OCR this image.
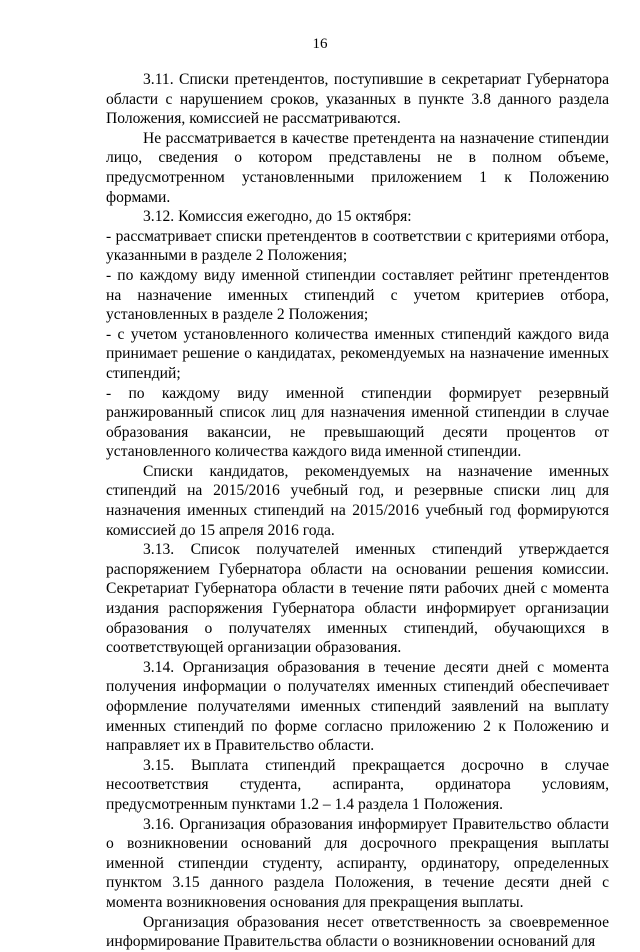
16

3.11. Списки претендентов, поступившие в секретариат Губернатора области с нарушением сроков, указанных в пункте 3.8 данного раздела Положения, комиссией не рассматриваются.

Не рассматривается в качестве претендента на назначение стипендии лицо, сведения о котором представлены не в полном объеме, предусмотренном установленными приложением 1 к Положению формами.

3.12. Комиссия ежегодно, до 15 октября:

- рассматривает списки претендентов в соответствии с критериями отбора, указанными в разделе 2 Положения;

- по каждому виду именной стипендии составляет рейтинг претендентов на назначение именных стипендий с учетом критериев отбора, установленных в разделе 2 Положения;

- с учетом установленного количества именных стипендий каждого вида принимает решение о кандидатах, рекомендуемых на назначение именных стипендий;

- по каждому виду именной стипендии формирует резервный ранжированный список лиц для назначения именной стипендии в случае образования вакансии, не превышающий десяти процентов от установленного количества каждого вида именной стипендии.

Списки кандидатов, рекомендуемых на назначение именных стипендий на 2015/2016 учебный год, и резервные списки лиц для назначения именных стипендий на 2015/2016 учебный год формируются комиссией до 15 апреля 2016 года.

3.13. Список получателей именных стипендий утверждается распоряжением Губернатора области на основании решения комиссии. Секретариат Губернатора области в течение пяти рабочих дней с момента издания распоряжения Губернатора области информирует организации образования о получателях именных стипендий, обучающихся в соответствующей организации образования.

3.14. Организация образования в течение десяти дней с момента получения информации о получателях именных стипендий обеспечивает оформление получателями именных стипендий заявлений на выплату именных стипендий по форме согласно приложению 2 к Положению и направляет их в Правительство области.

3.15. Выплата стипендий прекращается досрочно в случае несоответствия студента, аспиранта, ординатора условиям, предусмотренным пунктами 1.2 – 1.4 раздела 1 Положения.

3.16. Организация образования информирует Правительство области о возникновении оснований для досрочного прекращения выплаты именной стипендии студенту, аспиранту, ординатору, определенных пунктом 3.15 данного раздела Положения, в течение десяти дней с момента возникновения основания для прекращения выплаты.

Организация образования несет ответственность за своевременное информирование Правительства области о возникновении оснований для
